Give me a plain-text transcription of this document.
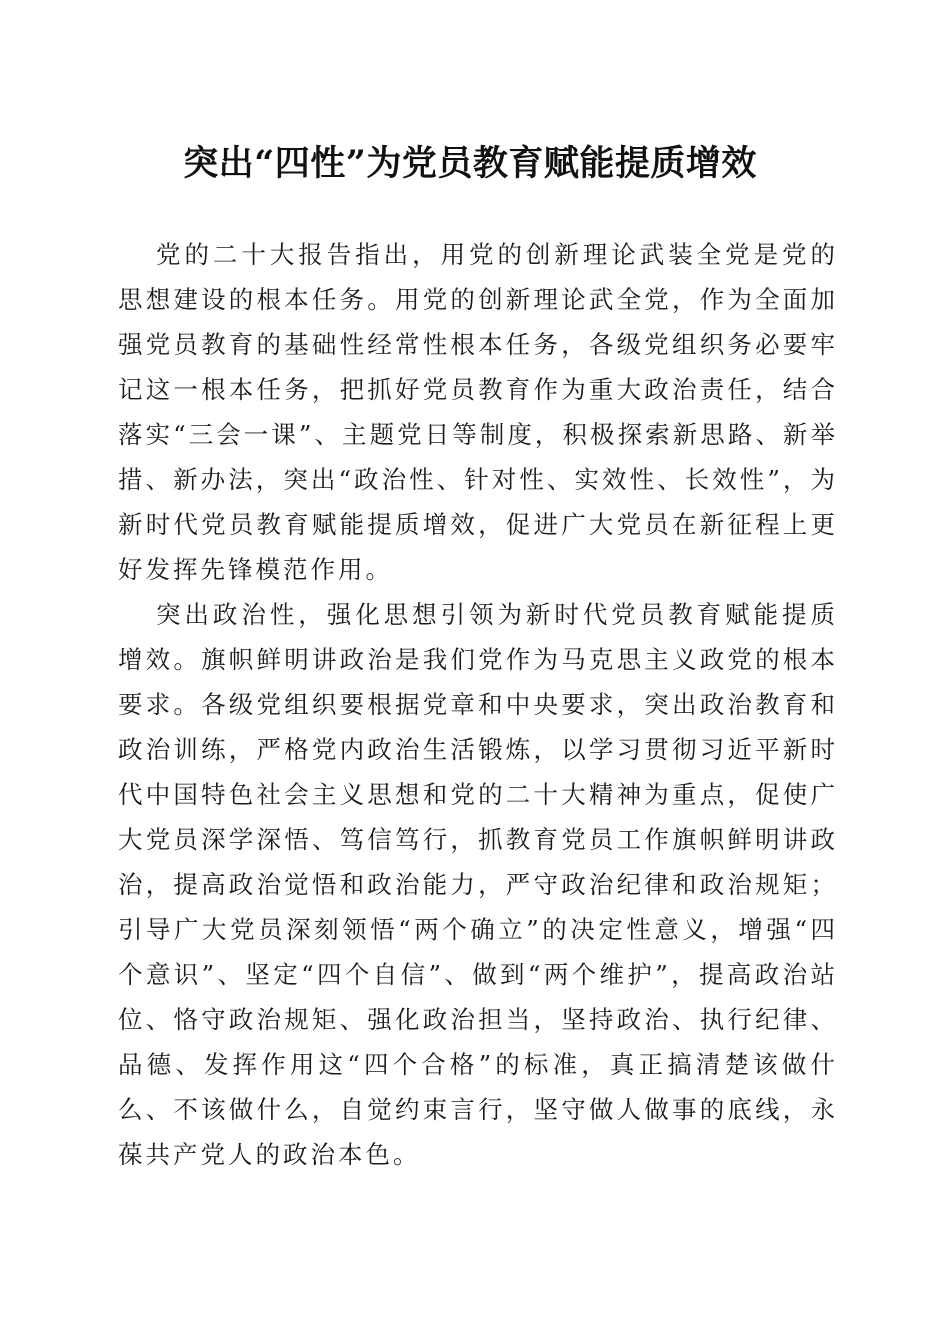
突出“四性”为党员教育赋能提质增效

党的二十大报告指出，用党的创新理论武装全党是党的思想建设的根本任务。用党的创新理论武全党，作为全面加强党员教育的基础性经常性根本任务，各级党组织务必要牢记这一根本任务，把抓好党员教育作为重大政治责任，结合落实“三会一课”、主题党日等制度，积极探索新思路、新举措、新办法，突出“政治性、针对性、实效性、长效性”，为新时代党员教育赋能提质增效，促进广大党员在新征程上更好发挥先锋模范作用。

突出政治性，强化思想引领为新时代党员教育赋能提质增效。旗帜鲜明讲政治是我们党作为马克思主义政党的根本要求。各级党组织要根据党章和中央要求，突出政治教育和政治训练，严格党内政治生活锻炼，以学习贯彻习近平新时代中国特色社会主义思想和党的二十大精神为重点，促使广大党员深学深悟、笃信笃行，抓教育党员工作旗帜鲜明讲政治，提高政治觉悟和政治能力，严守政治纪律和政治规矩；引导广大党员深刻领悟“两个确立”的决定性意义，增强“四个意识”、坚定“四个自信”、做到“两个维护”，提高政治站位、恪守政治规矩、强化政治担当，坚持政治、执行纪律、品德、发挥作用这“四个合格”的标准，真正搞清楚该做什么、不该做什么，自觉约束言行，坚守做人做事的底线，永葆共产党人的政治本色。
